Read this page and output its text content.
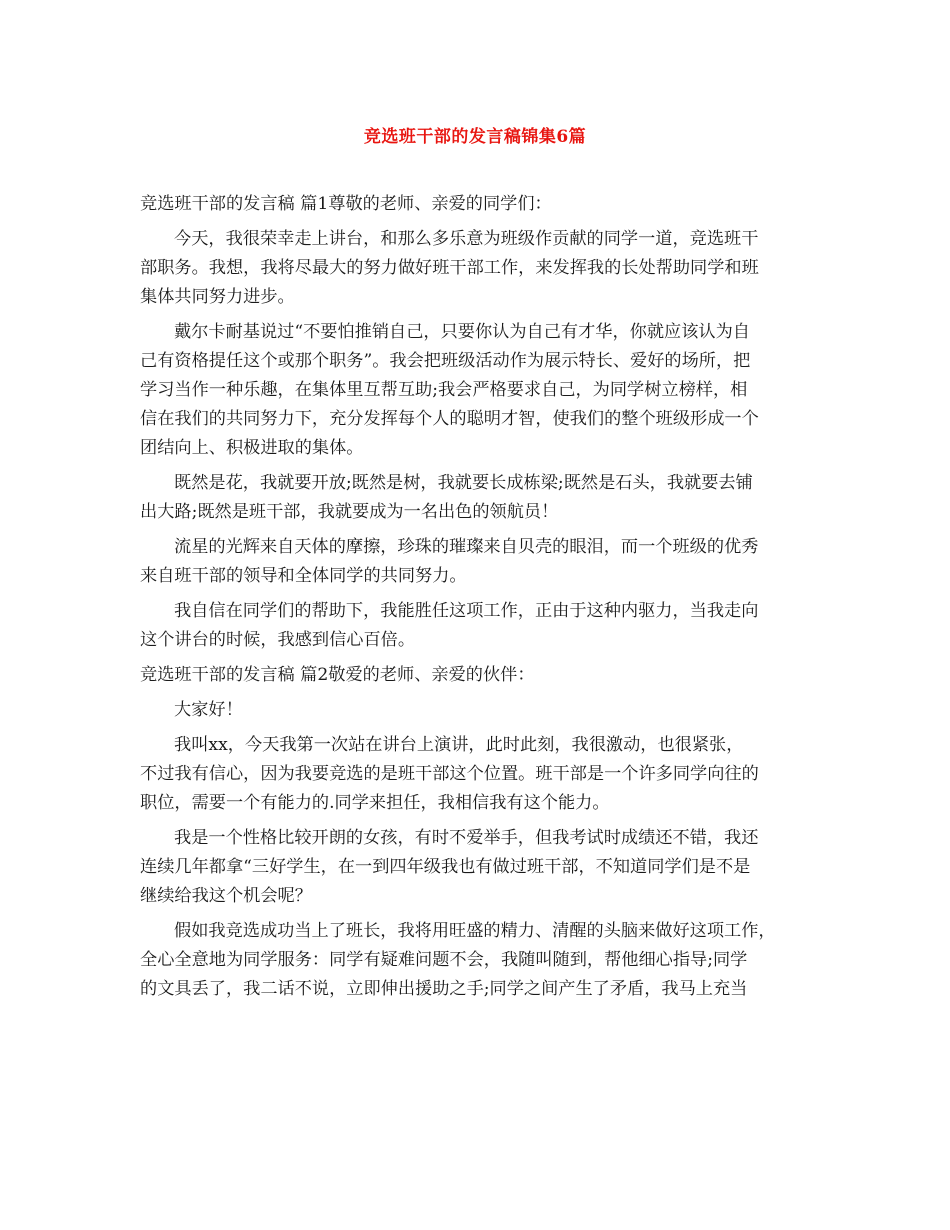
竞选班干部的发言稿锦集6篇
竞选班干部的发言稿 篇1尊敬的老师、亲爱的同学们：
今天，我很荣幸走上讲台，和那么多乐意为班级作贡献的同学一道，竞选班干
部职务。我想，我将尽最大的努力做好班干部工作，来发挥我的长处帮助同学和班
集体共同努力进步。
戴尔卡耐基说过“不要怕推销自己，只要你认为自己有才华，你就应该认为自
己有资格提任这个或那个职务”。我会把班级活动作为展示特长、爱好的场所，把
学习当作一种乐趣，在集体里互帮互助;我会严格要求自己，为同学树立榜样，相
信在我们的共同努力下，充分发挥每个人的聪明才智，使我们的整个班级形成一个
团结向上、积极进取的集体。
既然是花，我就要开放;既然是树，我就要长成栋梁;既然是石头，我就要去铺
出大路;既然是班干部，我就要成为一名出色的领航员！
流星的光辉来自天体的摩擦，珍珠的璀璨来自贝壳的眼泪，而一个班级的优秀
来自班干部的领导和全体同学的共同努力。
我自信在同学们的帮助下，我能胜任这项工作，正由于这种内驱力，当我走向
这个讲台的时候，我感到信心百倍。
竞选班干部的发言稿 篇2敬爱的老师、亲爱的伙伴：
大家好！
我叫xx，今天我第一次站在讲台上演讲，此时此刻，我很激动，也很紧张，
不过我有信心，因为我要竞选的是班干部这个位置。班干部是一个许多同学向往的
职位，需要一个有能力的.同学来担任，我相信我有这个能力。
我是一个性格比较开朗的女孩，有时不爱举手，但我考试时成绩还不错，我还
连续几年都拿“三好学生，在一到四年级我也有做过班干部，不知道同学们是不是
继续给我这个机会呢？
假如我竞选成功当上了班长，我将用旺盛的精力、清醒的头脑来做好这项工作，
全心全意地为同学服务：同学有疑难问题不会，我随叫随到，帮他细心指导;同学
的文具丢了，我二话不说，立即伸出援助之手;同学之间产生了矛盾，我马上充当
